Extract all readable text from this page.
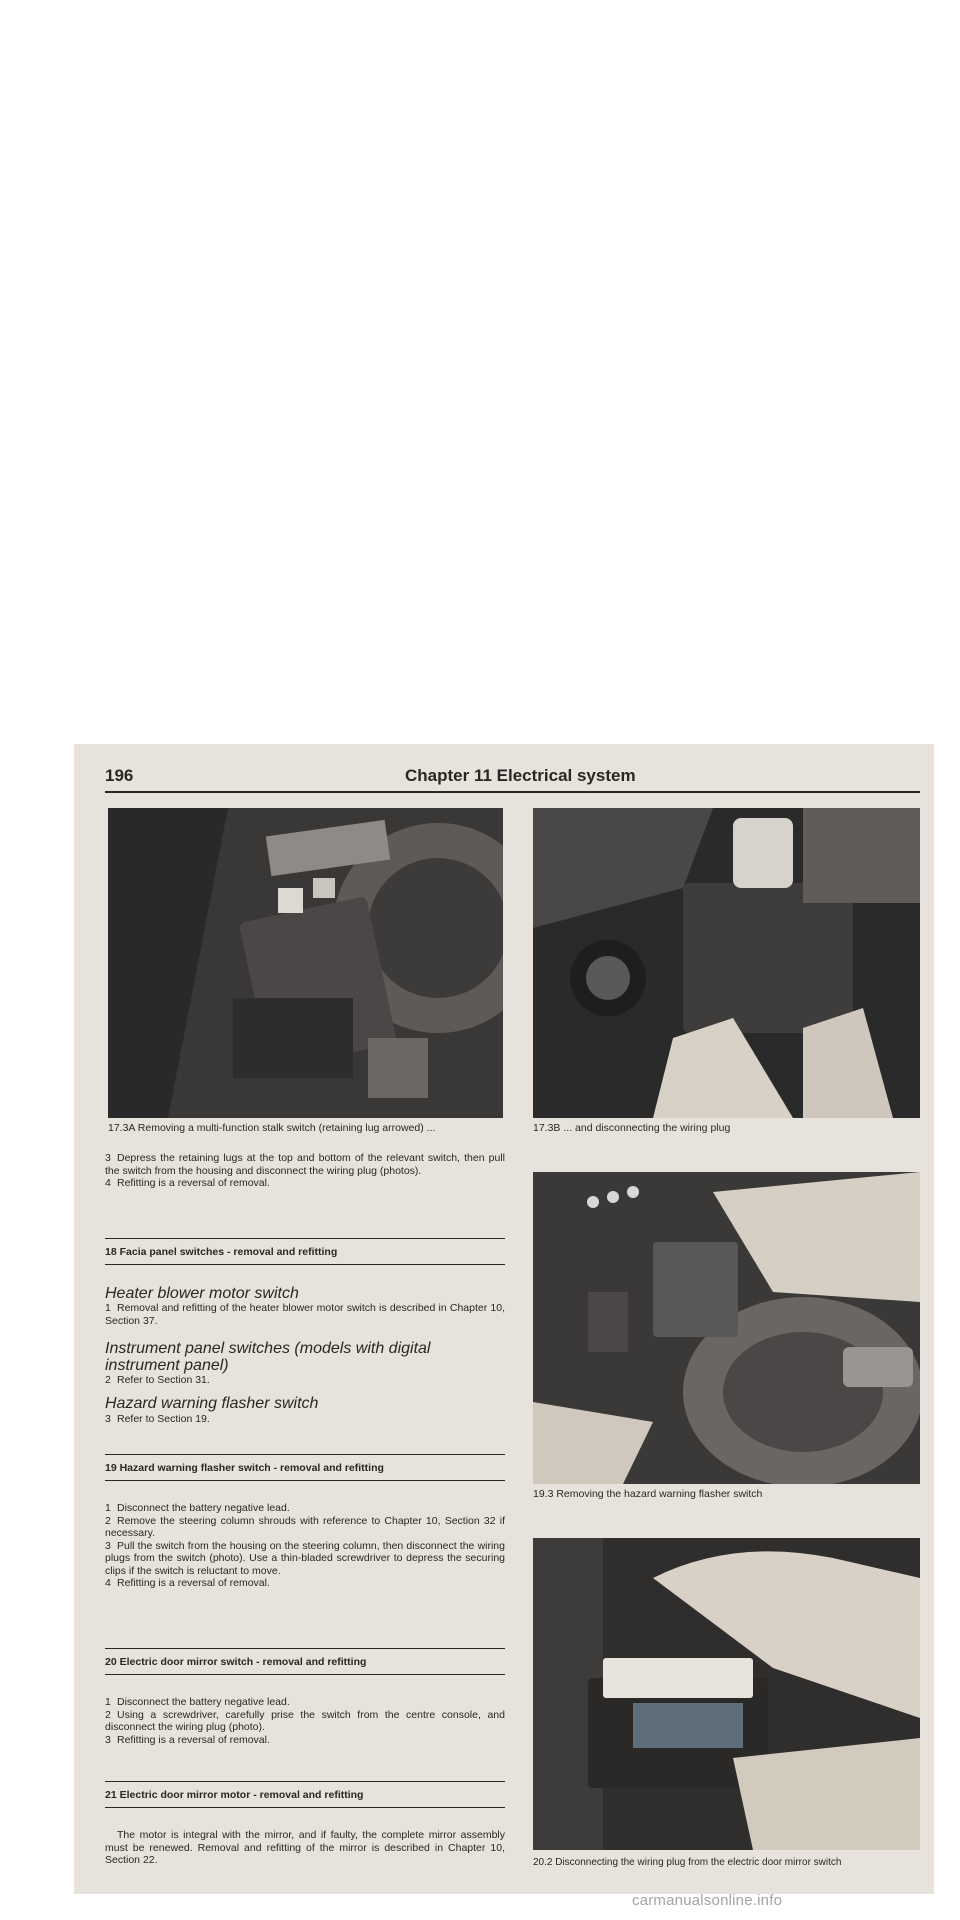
196	Chapter 11 Electrical system
17.3A Removing a multi-function stalk switch (retaining lug arrowed) ...	17.3B ... and disconnecting the wiring plug
19.3 Removing the hazard warning flasher switch
20.2 Disconnecting the wiring plug from the electric door mirror switch

3 Depress the retaining lugs at the top and bottom of the relevant switch, then pull the switch from the housing and disconnect the wiring plug (photos).

4 Refitting is a reversal of removal.

18 Facia panel switches - removal and refitting
Heater blower motor switch

1 Removal and refitting of the heater blower motor switch is described in Chapter 10, Section 37.

Instrument panel switches (models with digital instrument panel)

2 Refer to Section 31.

Hazard warning flasher switch

3 Refer to Section 19.

19 Hazard warning flasher switch - removal and refitting

1 Disconnect the battery negative lead.

2 Remove the steering column shrouds with reference to Chapter 10, Section 32 if necessary.

3 Pull the switch from the housing on the steering column, then disconnect the wiring plugs from the switch (photo). Use a thin-bladed screwdriver to depress the securing clips if the switch is reluctant to move.

4 Refitting is a reversal of removal.

20 Electric door mirror switch - removal and refitting

1 Disconnect the battery negative lead.

2 Using a screwdriver, carefully prise the switch from the centre console, and disconnect the wiring plug (photo).

3 Refitting is a reversal of removal.

21 Electric door mirror motor - removal and refitting

The motor is integral with the mirror, and if faulty, the complete mirror assembly must be renewed. Removal and refitting of the mirror is described in Chapter 10, Section 22.

carmanualsonline.info
